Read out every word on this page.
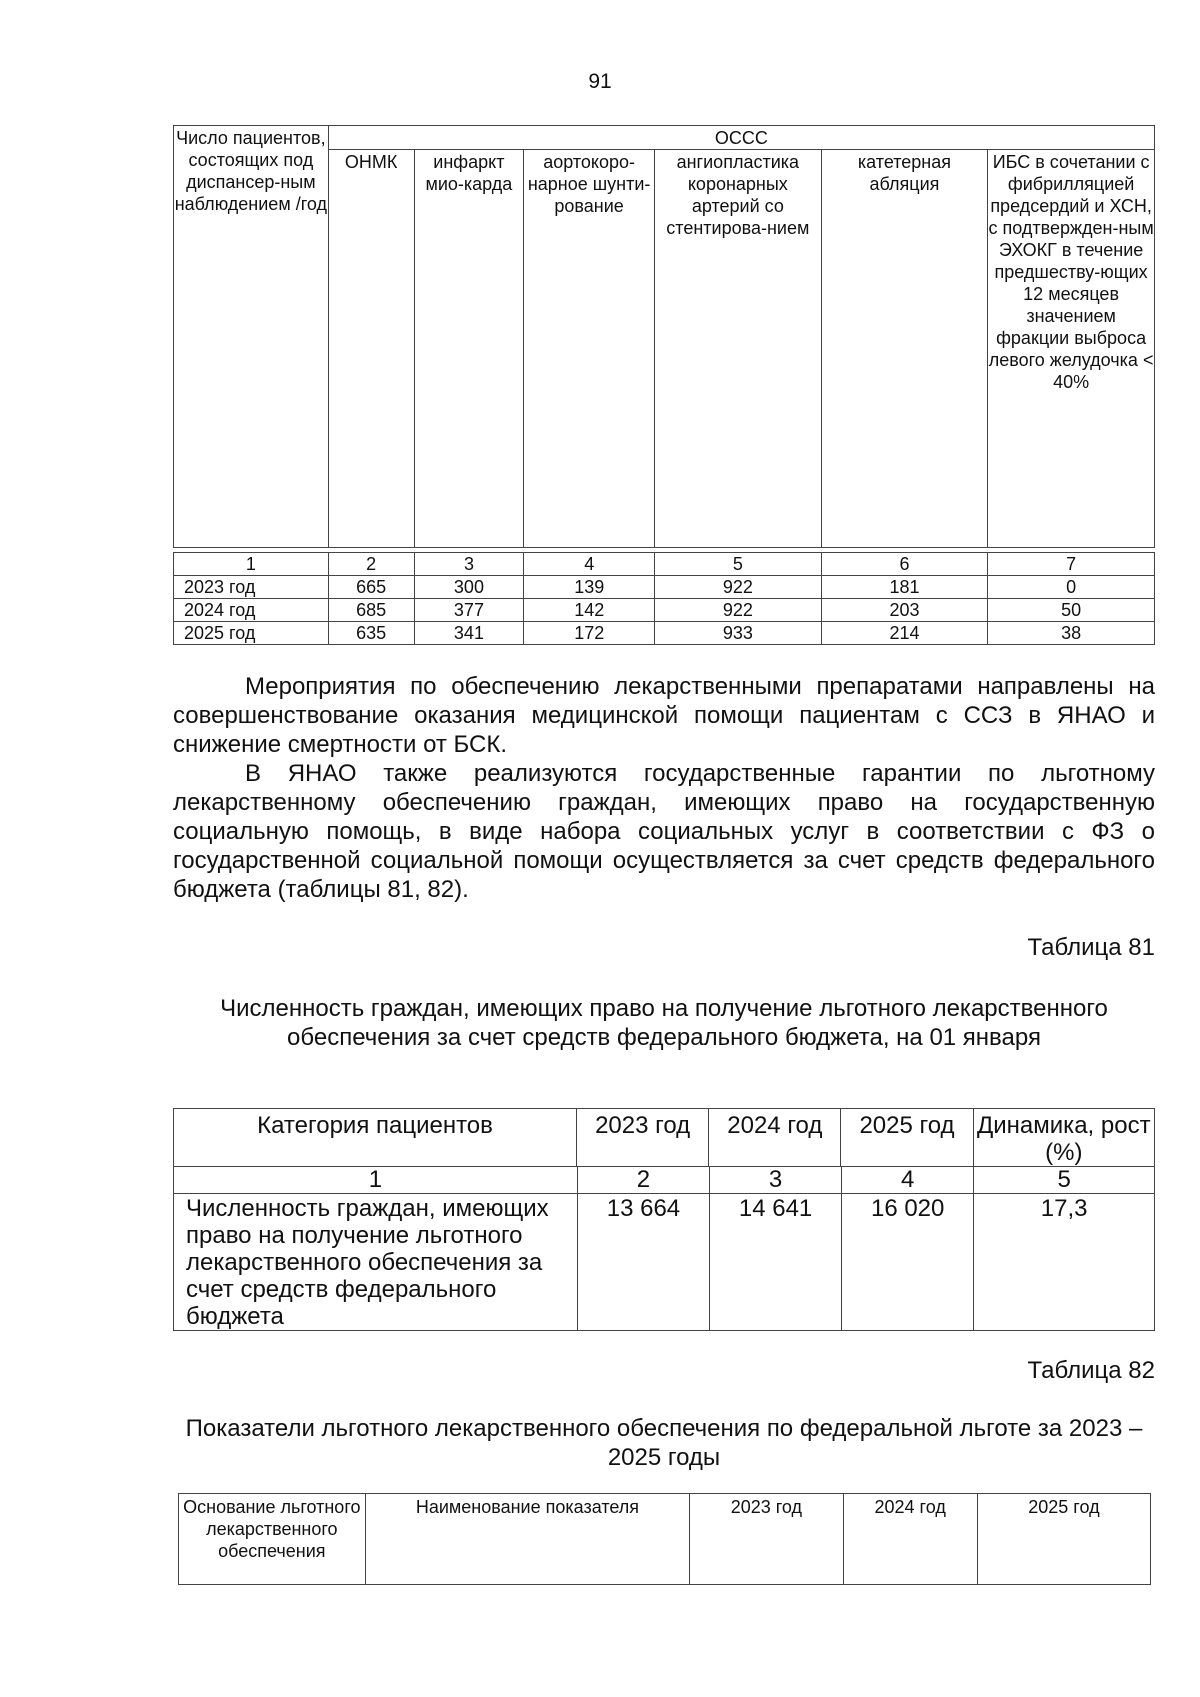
91
Число пациентов, состоящих под диспансер-ным наблюдением /год	ОССС					
	ОНМК	инфаркт мио-карда	аортокоро-нарное шунти-рование	ангиопластика коронарных артерий со стентирова-нием	катетерная абляция	ИБС в сочетании с фибрилляцией предсердий и ХСН, с подтвержден-ным ЭХОКГ в течение предшеству-ющих 12 месяцев значением фракции выброса левого желудочка < 40%
1	2	3	4	5	6	7
2023 год	665	300	139	922	181	0
2024 год	685	377	142	922	203	50
2025 год	635	341	172	933	214	38

Мероприятия по обеспечению лекарственными препаратами направлены на совершенствование оказания медицинской помощи пациентам с ССЗ в ЯНАО и снижение смертности от БСК.

В ЯНАО также реализуются государственные гарантии по льготному лекарственному обеспечению граждан, имеющих право на государственную социальную помощь, в виде набора социальных услуг в соответствии с ФЗ о государственной социальной помощи осуществляется за счет средств федерального бюджета (таблицы 81, 82).

Таблица 81
Численность граждан, имеющих право на получение льготного лекарственного обеспечения за счет средств федерального бюджета, на 01 января
Категория пациентов	2023 год	2024 год	2025 год	Динамика, рост (%)
1	2	3	4	5
Численность граждан, имеющих право на получение льготного лекарственного обеспечения за счет средств федерального бюджета	13 664	14 641	16 020	17,3
Таблица 82
Показатели льготного лекарственного обеспечения по федеральной льготе за 2023 – 2025 годы
Основание льготного лекарственного обеспечения	Наименование показателя	2023 год	2024 год	2025 год
